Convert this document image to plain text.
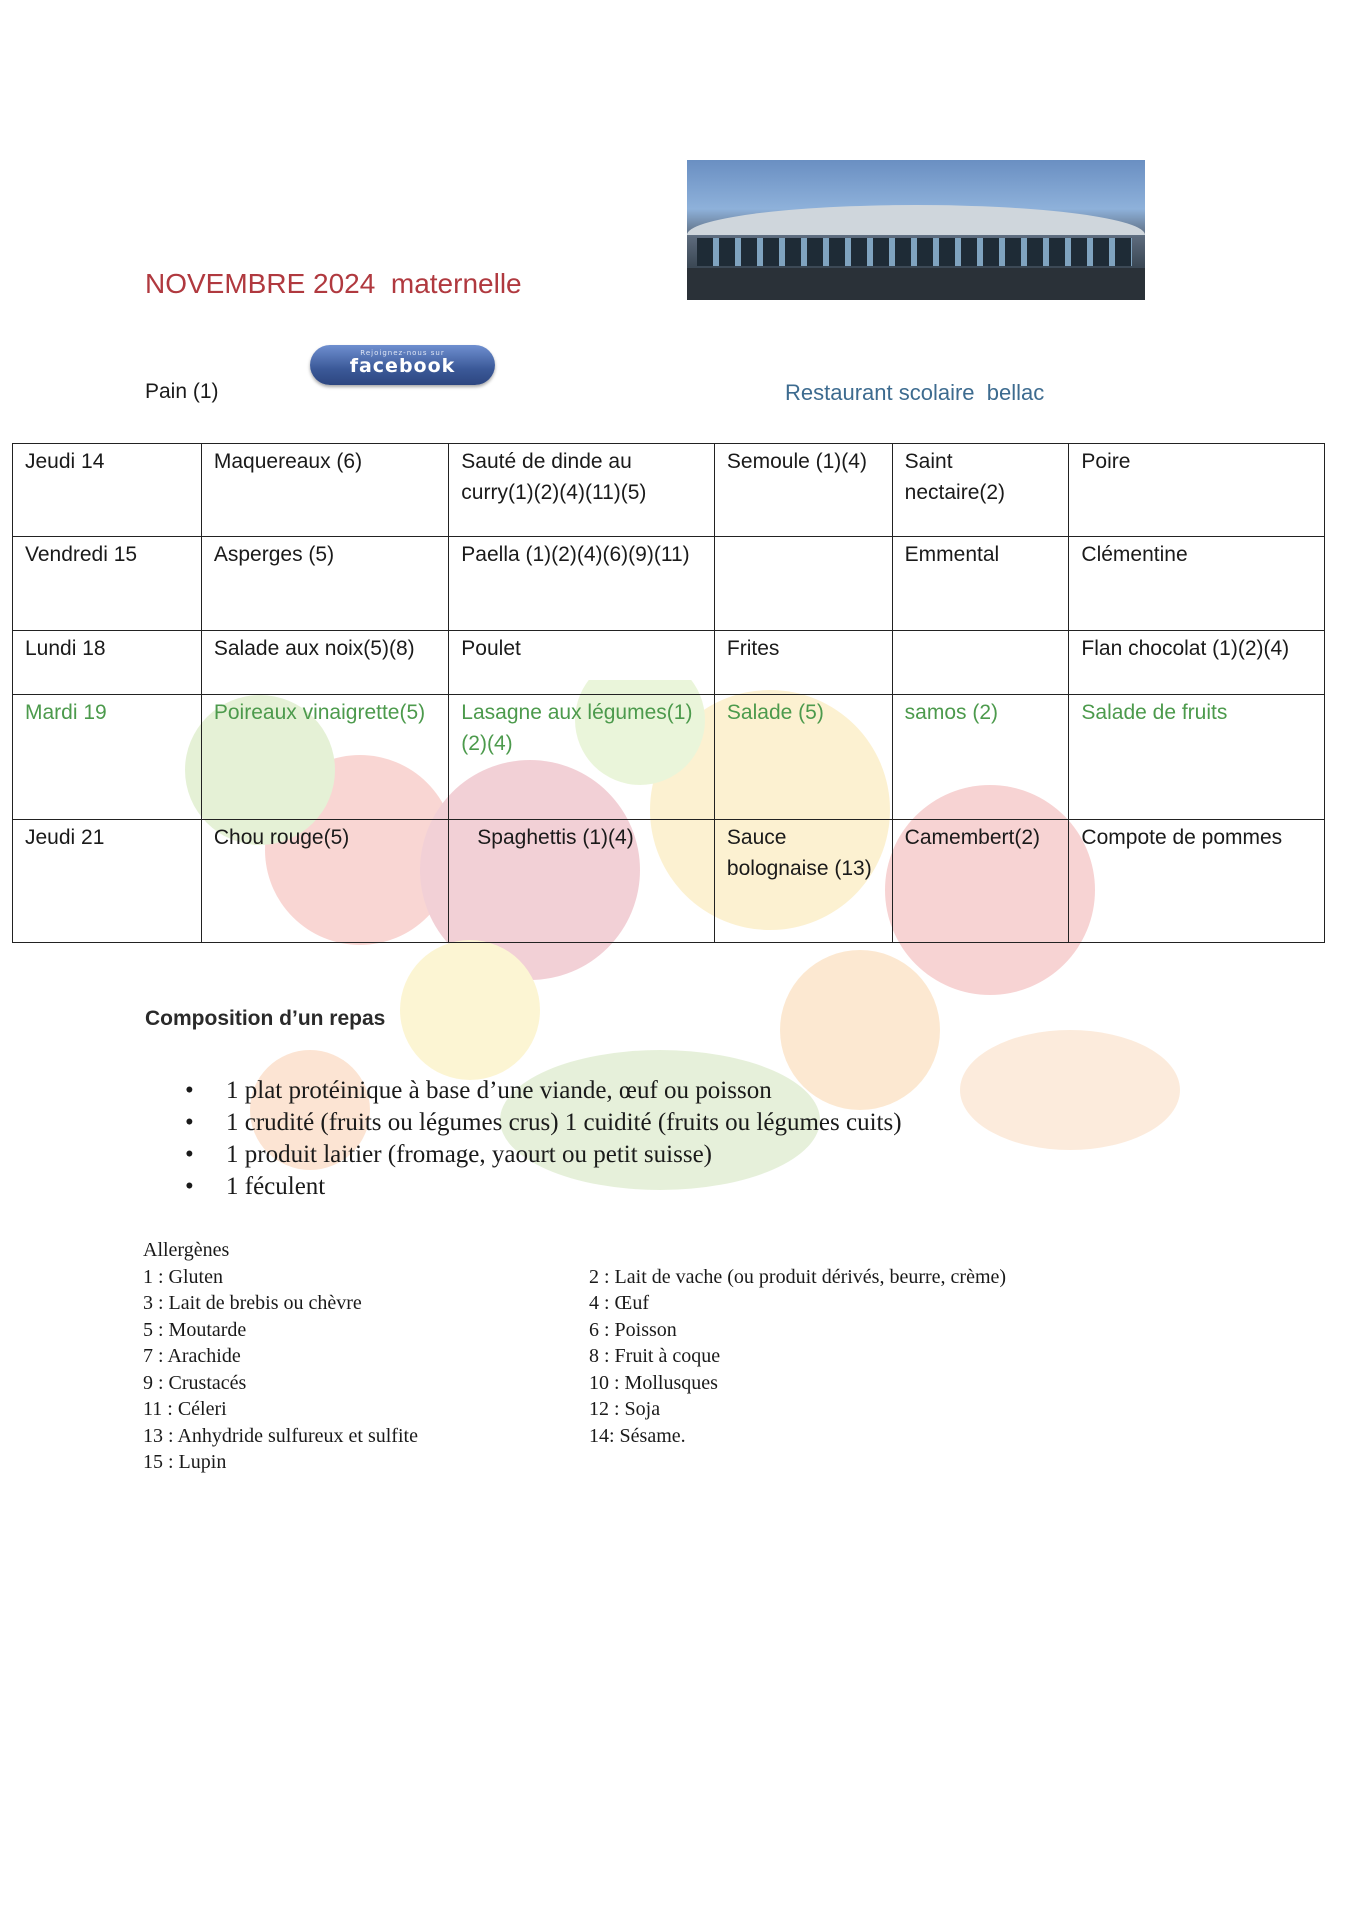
NOVEMBRE 2024  maternelle
Rejoignez-nous sur
facebook
Pain (1)	Restaurant scolaire  bellac
Jeudi 14	Maquereaux (6)	Sauté de dinde au curry(1)(2)(4)(11)(5)	Semoule (1)(4)	Saint nectaire(2)	Poire
Vendredi 15	Asperges (5)	Paella (1)(2)(4)(6)(9)(11)		Emmental	Clémentine
Lundi 18	Salade aux noix(5)(8)	Poulet	Frites		Flan chocolat (1)(2)(4)
Mardi 19	Poireaux vinaigrette(5)	Lasagne aux légumes(1)(2)(4)	Salade (5)	samos (2)	Salade de fruits
Jeudi 21	Chou rouge(5)	Spaghettis (1)(4)	Sauce bolognaise (13)	Camembert(2)	Compote de pommes
Composition d’un repas
• 1 plat protéinique à base d’une viande, œuf ou poisson
• 1 crudité (fruits ou légumes crus) 1 cuidité (fruits ou légumes cuits)
• 1 produit laitier (fromage, yaourt ou petit suisse)
• 1 féculent
Allergènes
1 : Gluten	2 : Lait de vache (ou produit dérivés, beurre, crème)
3 : Lait de brebis ou chèvre	4 : Œuf
5 : Moutarde	6 : Poisson
7 : Arachide	8 : Fruit à coque
9 : Crustacés	10 : Mollusques
11 : Céleri	12 : Soja
13 : Anhydride sulfureux et sulfite	14: Sésame.
15 : Lupin
